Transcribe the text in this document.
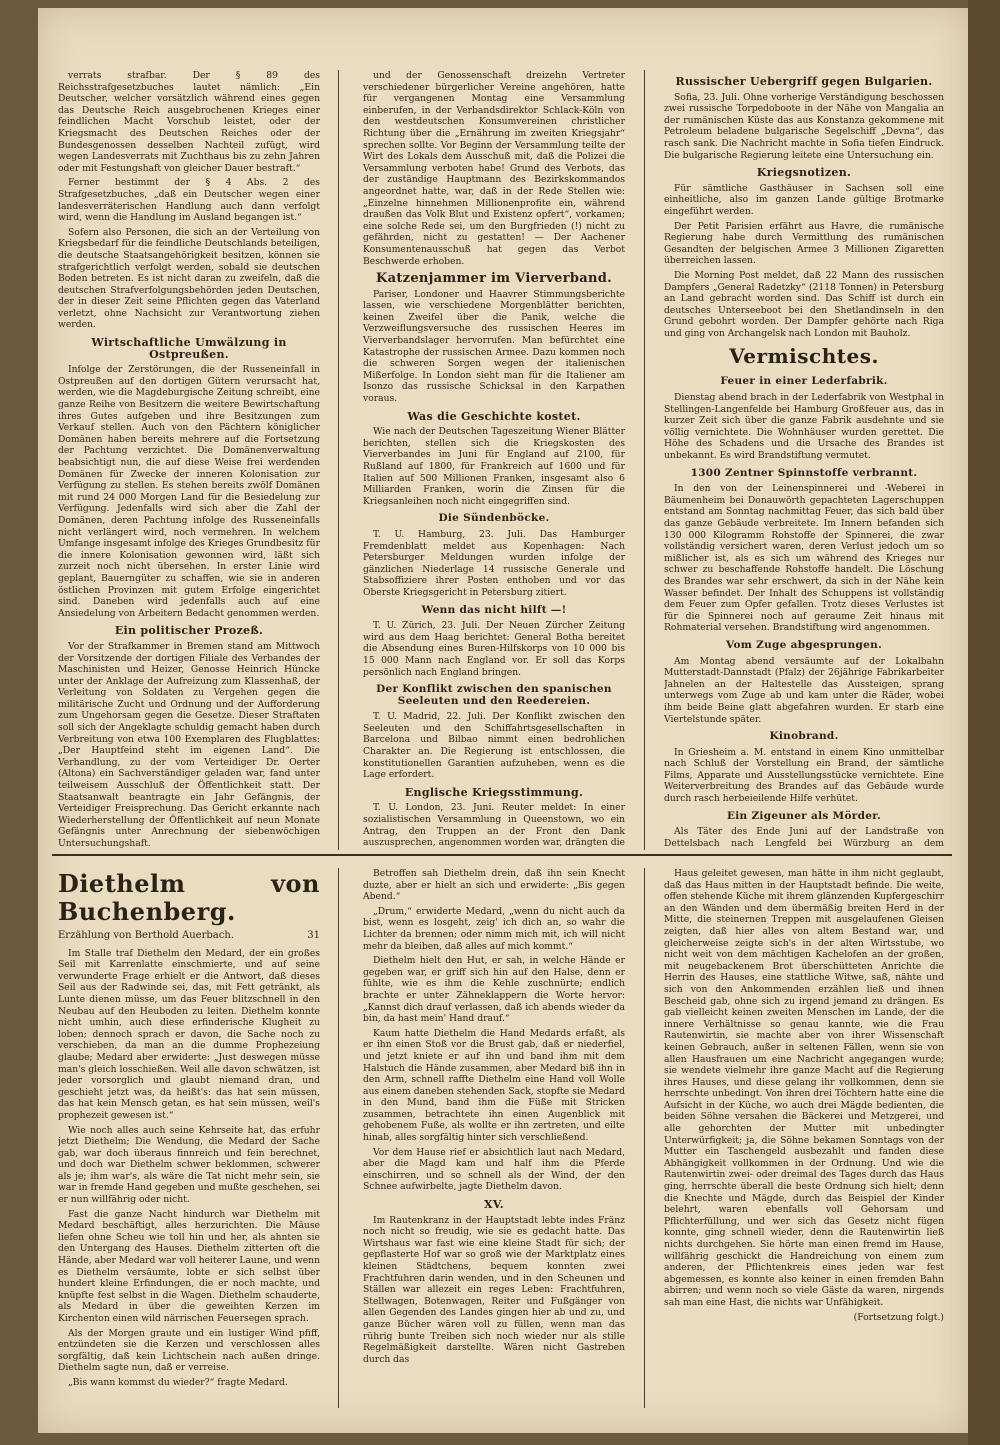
verrats strafbar. Der § 89 des Reichsstrafgesetzbuches lautet nämlich: „Ein Deutscher, welcher vorsätzlich während eines gegen das Deutsche Reich ausgebrochenen Krieges einer feindlichen Macht Vorschub leistet, oder der Kriegsmacht des Deutschen Reiches oder der Bundesgenossen desselben Nachteil zufügt, wird wegen Landesverrats mit Zuchthaus bis zu zehn Jahren oder mit Festungshaft von gleicher Dauer bestraft.“

Ferner bestimmt der § 4 Abs. 2 des Strafgesetzbuches, „daß ein Deutscher wegen einer landesverräterischen Handlung auch dann verfolgt wird, wenn die Handlung im Ausland begangen ist.“

Sofern also Personen, die sich an der Verteilung von Kriegsbedarf für die feindliche Deutschlands beteiligen, die deutsche Staatsangehörigkeit besitzen, können sie strafgerichtlich verfolgt werden, sobald sie deutschen Boden betreten. Es ist nicht daran zu zweifeln, daß die deutschen Strafverfolgungsbehörden jeden Deutschen, der in dieser Zeit seine Pflichten gegen das Vaterland verletzt, ohne Nachsicht zur Verantwortung ziehen werden.

Wirtschaftliche Umwälzung in Ostpreußen.

Infolge der Zerstörungen, die der Russeneinfall in Ostpreußen auf den dortigen Gütern verursacht hat, werden, wie die Magdeburgische Zeitung schreibt, eine ganze Reihe von Besitzern die weitere Bewirtschaftung ihres Gutes aufgeben und ihre Besitzungen zum Verkauf stellen. Auch von den Pächtern königlicher Domänen haben bereits mehrere auf die Fortsetzung der Pachtung verzichtet. Die Domänenverwaltung beabsichtigt nun, die auf diese Weise frei werdenden Domänen für Zwecke der inneren Kolonisation zur Verfügung zu stellen. Es stehen bereits zwölf Domänen mit rund 24 000 Morgen Land für die Besiedelung zur Verfügung. Jedenfalls wird sich aber die Zahl der Domänen, deren Pachtung infolge des Russeneinfalls nicht verlängert wird, noch vermehren. In welchem Umfange insgesamt infolge des Krieges Grundbesitz für die innere Kolonisation gewonnen wird, läßt sich zurzeit noch nicht übersehen. In erster Linie wird geplant, Bauerngüter zu schaffen, wie sie in anderen östlichen Provinzen mit gutem Erfolge eingerichtet sind. Daneben wird jedenfalls auch auf eine Ansiedelung von Arbeitern Bedacht genommen werden.

Ein politischer Prozeß.

Vor der Strafkammer in Bremen stand am Mittwoch der Vorsitzende der dortigen Filiale des Verbandes der Maschinisten und Heizer, Genosse Heinrich Hüncke unter der Anklage der Aufreizung zum Klassenhaß, der Verleitung von Soldaten zu Vergehen gegen die militärische Zucht und Ordnung und der Aufforderung zum Ungehorsam gegen die Gesetze. Dieser Straftaten soll sich der Angeklagte schuldig gemacht haben durch Verbreitung von etwa 100 Exemplaren des Flugblattes: „Der Hauptfeind steht im eigenen Land“. Die Verhandlung, zu der vom Verteidiger Dr. Oerter (Altona) ein Sachverständiger geladen war, fand unter teilweisem Ausschluß der Öffentlichkeit statt. Der Staatsanwalt beantragte ein Jahr Gefängnis, der Verteidiger Freisprechung. Das Gericht erkannte nach Wiederherstellung der Öffentlichkeit auf neun Monate Gefängnis unter Anrechnung der siebenwöchigen Untersuchungshaft.

und der Genossenschaft dreizehn Vertreter verschiedener bürgerlicher Vereine angehören, hatte für vergangenen Montag eine Versammlung einberufen, in der Verbandsdirektor Schlack-Köln von den westdeutschen Konsumvereinen christlicher Richtung über die „Ernährung im zweiten Kriegsjahr“ sprechen sollte. Vor Beginn der Versammlung teilte der Wirt des Lokals dem Ausschuß mit, daß die Polizei die Versammlung verboten habe! Grund des Verbots, das der zuständige Hauptmann des Bezirkskommandos angeordnet hatte, war, daß in der Rede Stellen wie: „Einzelne hinnehmen Millionenprofite ein, während draußen das Volk Blut und Existenz opfert“, vorkamen; eine solche Rede sei, um den Burgfrieden (!) nicht zu gefährden, nicht zu gestatten! — Der Aachener Konsumentenausschuß hat gegen das Verbot Beschwerde erhoben.

Katzenjammer im Vierverband.

Pariser, Londoner und Haavrer Stimmungsberichte lassen, wie verschiedene Morgenblätter berichten, keinen Zweifel über die Panik, welche die Verzweiflungsversuche des russischen Heeres im Vierverbandslager hervorrufen. Man befürchtet eine Katastrophe der russischen Armee. Dazu kommen noch die schweren Sorgen wegen der italienischen Mißerfolge. In London sieht man für die Italiener am Isonzo das russische Schicksal in den Karpathen voraus.

Was die Geschichte kostet.

Wie nach der Deutschen Tageszeitung Wiener Blätter berichten, stellen sich die Kriegskosten des Vierverbandes im Juni für England auf 2100, für Rußland auf 1800, für Frankreich auf 1600 und für Italien auf 500 Millionen Franken, insgesamt also 6 Milliarden Franken, worin die Zinsen für die Kriegsanleihen noch nicht eingegriffen sind.

Die Sündenböcke.

T. U. Hamburg, 23. Juli. Das Hamburger Fremdenblatt meldet aus Kopenhagen: Nach Petersburger Meldungen wurden infolge der gänzlichen Niederlage 14 russische Generale und Stabsoffiziere ihrer Posten enthoben und vor das Oberste Kriegsgericht in Petersburg zitiert.

Wenn das nicht hilft —!

T. U. Zürich, 23. Juli. Der Neuen Zürcher Zeitung wird aus dem Haag berichtet: General Botha bereitet die Absendung eines Buren-Hilfskorps von 10 000 bis 15 000 Mann nach England vor. Er soll das Korps persönlich nach England bringen.

Der Konflikt zwischen den spanischen Seeleuten und den Reedereien.

T. U. Madrid, 22. Juli. Der Konflikt zwischen den Seeleuten und den Schiffahrtsgesellschaften in Barcelona und Bilbao nimmt einen bedrohlichen Charakter an. Die Regierung ist entschlossen, die konstitutionellen Garantien aufzuheben, wenn es die Lage erfordert.

Englische Kriegsstimmung.

T. U. London, 23. Juni. Reuter meldet: In einer sozialistischen Versammlung in Queenstown, wo ein Antrag, den Truppen an der Front den Dank auszusprechen, angenommen worden war, drängten die

Russischer Uebergriff gegen Bulgarien.

Sofia, 23. Juli. Ohne vorherige Verständigung beschossen zwei russische Torpedoboote in der Nähe von Mangalia an der rumänischen Küste das aus Konstanza gekommene mit Petroleum beladene bulgarische Segelschiff „Devna“, das rasch sank. Die Nachricht machte in Sofia tiefen Eindruck. Die bulgarische Regierung leitete eine Untersuchung ein.

Kriegsnotizen.

Für sämtliche Gasthäuser in Sachsen soll eine einheitliche, also im ganzen Lande gültige Brotmarke eingeführt werden.

Der Petit Parisien erfährt aus Havre, die rumänische Regierung habe durch Vermittlung des rumänischen Gesandten der belgischen Armee 3 Millionen Zigaretten überreichen lassen.

Die Morning Post meldet, daß 22 Mann des russischen Dampfers „General Radetzky“ (2118 Tonnen) in Petersburg an Land gebracht worden sind. Das Schiff ist durch ein deutsches Unterseeboot bei den Shetlandinseln in den Grund gebohrt worden. Der Dampfer gehörte nach Riga und ging von Archangelsk nach London mit Bauholz.

Vermischtes.
Feuer in einer Lederfabrik.

Dienstag abend brach in der Lederfabrik von Westphal in Stellingen-Langenfelde bei Hamburg Großfeuer aus, das in kurzer Zeit sich über die ganze Fabrik ausdehnte und sie völlig vernichtete. Die Wohnhäuser wurden gerettet. Die Höhe des Schadens und die Ursache des Brandes ist unbekannt. Es wird Brandstiftung vermutet.

1300 Zentner Spinnstoffe verbrannt.

In den von der Leinenspinnerei und -Weberei in Bäumenheim bei Donauwörth gepachteten Lagerschuppen entstand am Sonntag nachmittag Feuer, das sich bald über das ganze Gebäude verbreitete. Im Innern befanden sich 130 000 Kilogramm Rohstoffe der Spinnerei, die zwar vollständig versichert waren, deren Verlust jedoch um so mißlicher ist, als es sich um während des Krieges nur schwer zu beschaffende Rohstoffe handelt. Die Löschung des Brandes war sehr erschwert, da sich in der Nähe kein Wasser befindet. Der Inhalt des Schuppens ist vollständig dem Feuer zum Opfer gefallen. Trotz dieses Verlustes ist für die Spinnerei noch auf geraume Zeit hinaus mit Rohmaterial versehen. Brandstiftung wird angenommen.

Vom Zuge abgesprungen.

Am Montag abend versäumte auf der Lokalbahn Mutterstadt-Dannstadt (Pfalz) der 26jährige Fabrikarbeiter Jahnelen an der Haltestelle das Aussteigen, sprang unterwegs vom Zuge ab und kam unter die Räder, wobei ihm beide Beine glatt abgefahren wurden. Er starb eine Viertelstunde später.

Kinobrand.

In Griesheim a. M. entstand in einem Kino unmittelbar nach Schluß der Vorstellung ein Brand, der sämtliche Films, Apparate und Ausstellungsstücke vernichtete. Eine Weiterverbreitung des Brandes auf das Gebäude wurde durch rasch herbeieilende Hilfe verhütet.

Ein Zigeuner als Mörder.

Als Täter des Ende Juni auf der Landstraße von Dettelsbach nach Lengfeld bei Würzburg an dem

Diethelm von Buchenberg.
Erzählung von Berthold Auerbach.	31

Im Stalle traf Diethelm den Medard, der ein großes Seil mit Karrenlatte einschmierte, und auf seine verwunderte Frage erhielt er die Antwort, daß dieses Seil aus der Radwinde sei, das, mit Fett getränkt, als Lunte dienen müsse, um das Feuer blitzschnell in den Neubau auf den Heuboden zu leiten. Diethelm konnte nicht umhin, auch diese erfinderische Klugheit zu loben; dennoch sprach er davon, die Sache noch zu verschieben, da man an die dumme Prophezeiung glaube; Medard aber erwiderte: „Just deswegen müsse man's gleich losschießen. Weil alle davon schwätzen, ist jeder vorsorglich und glaubt niemand dran, und geschieht jetzt was, da heißt's: das hat sein müssen, das hat kein Mensch getan, es hat sein müssen, weil's prophezeit gewesen ist.“

Wie noch alles auch seine Kehrseite hat, das erfuhr jetzt Diethelm; Die Wendung, die Medard der Sache gab, war doch überaus finnreich und fein berechnet, und doch war Diethelm schwer beklommen, schwerer als je; ihm war's, als wäre die Tat nicht mehr sein, sie war in fremde Hand gegeben und mußte geschehen, sei er nun willfährig oder nicht.

Fast die ganze Nacht hindurch war Diethelm mit Medard beschäftigt, alles herzurichten. Die Mäuse liefen ohne Scheu wie toll hin und her, als ahnten sie den Untergang des Hauses. Diethelm zitterten oft die Hände, aber Medard war voll heiterer Laune, und wenn es Diethelm versäumte, lobte er sich selbst über hundert kleine Erfindungen, die er noch machte, und knüpfte fest selbst in die Wagen. Diethelm schauderte, als Medard in über die geweihten Kerzen im Kirchenton einen wild närrischen Feuersegen sprach.

Als der Morgen graute und ein lustiger Wind pfiff, entzündeten sie die Kerzen und verschlossen alles sorgfältig, daß kein Lichtschein nach außen dringe. Diethelm sagte nun, daß er verreise.

„Bis wann kommst du wieder?“ fragte Medard.

Betroffen sah Diethelm drein, daß ihn sein Knecht duzte, aber er hielt an sich und erwiderte: „Bis gegen Abend.“

„Drum,“ erwiderte Medard, „wenn du nicht auch da bist, wenn es losgeht, zeig' ich dich an, so wahr die Lichter da brennen; oder nimm mich mit, ich will nicht mehr da bleiben, daß alles auf mich kommt.“

Diethelm hielt den Hut, er sah, in welche Hände er gegeben war, er griff sich hin auf den Halse, denn er fühlte, wie es ihm die Kehle zuschnürte; endlich brachte er unter Zähneklappern die Worte hervor: „Kannst dich drauf verlassen, daß ich abends wieder da bin, da hast mein' Hand drauf.“

Kaum hatte Diethelm die Hand Medards erfaßt, als er ihn einen Stoß vor die Brust gab, daß er niederfiel, und jetzt kniete er auf ihn und band ihm mit dem Halstuch die Hände zusammen, aber Medard biß ihn in den Arm, schnell raffte Diethelm eine Hand voll Wolle aus einem daneben stehenden Sack, stopfte sie Medard in den Mund, band ihm die Füße mit Stricken zusammen, betrachtete ihn einen Augenblick mit gehobenem Fuße, als wollte er ihn zertreten, und eilte hinab, alles sorgfältig hinter sich verschließend.

Vor dem Hause rief er absichtlich laut nach Medard, aber die Magd kam und half ihm die Pferde einschirren, und so schnell als der Wind, der den Schnee aufwirbelte, jagte Diethelm davon.

XV.

Im Rautenkranz in der Hauptstadt lebte indes Fränz noch nicht so freudig, wie sie es gedacht hatte. Das Wirtshaus war fast wie eine kleine Stadt für sich; der gepflasterte Hof war so groß wie der Marktplatz eines kleinen Städtchens, bequem konnten zwei Frachtfuhren darin wenden, und in den Scheunen und Ställen war allezeit ein reges Leben: Frachtfuhren, Stellwagen, Botenwagen, Reiter und Fußgänger von allen Gegenden des Landes gingen hier ab und zu, und ganze Bücher wären voll zu füllen, wenn man das rührig bunte Treiben sich noch wieder nur als stille Regelmäßigkeit darstellte. Wären nicht Gastreben durch das

Haus geleitet gewesen, man hätte in ihm nicht geglaubt, daß das Haus mitten in der Hauptstadt befinde. Die weite, offen stehende Küche mit ihrem glänzenden Kupfergeschirr an den Wänden und dem übermäßig breiten Herd in der Mitte, die steinernen Treppen mit ausgelaufenen Gleisen zeigten, daß hier alles von altem Bestand war, und gleicherweise zeigte sich's in der alten Wirtsstube, wo nicht weit von dem mächtigen Kachelofen an der großen, mit neugebackenem Brot überschütteten Anrichte die Herrin des Hauses, eine stattliche Witwe, saß, nähte und sich von den Ankommenden erzählen ließ und ihnen Bescheid gab, ohne sich zu irgend jemand zu drängen. Es gab vielleicht keinen zweiten Menschen im Lande, der die innere Verhältnisse so genau kannte, wie die Frau Rautenwirtin, sie machte aber von ihrer Wissenschaft keinen Gebrauch, außer in seltenen Fällen, wenn sie von allen Hausfrauen um eine Nachricht angegangen wurde; sie wendete vielmehr ihre ganze Macht auf die Regierung ihres Hauses, und diese gelang ihr vollkommen, denn sie herrschte unbedingt. Von ihren drei Töchtern hatte eine die Aufsicht in der Küche, wo auch drei Mägde bedienten, die beiden Söhne versahen die Bäckerei und Metzgerei, und alle gehorchten der Mutter mit unbedingter Unterwürfigkeit; ja, die Söhne bekamen Sonntags von der Mutter ein Taschengeld ausbezahlt und fanden diese Abhängigkeit vollkommen in der Ordnung. Und wie die Rautenwirtin zwei- oder dreimal des Tages durch das Haus ging, herrschte überall die beste Ordnung sich hielt; denn die Knechte und Mägde, durch das Beispiel der Kinder belehrt, waren ebenfalls voll Gehorsam und Pflichterfüllung, und wer sich das Gesetz nicht fügen konnte, ging schnell wieder, denn die Rautenwirtin ließ nichts durchgehen. Sie hörte man einen fremd im Hause, willfährig geschickt die Handreichung von einem zum anderen, der Pflichtenkreis eines jeden war fest abgemessen, es konnte also keiner in einen fremden Bahn abirren; und wenn noch so viele Gäste da waren, nirgends sah man eine Hast, die nichts war Unfähigkeit.

(Fortsetzung folgt.)
